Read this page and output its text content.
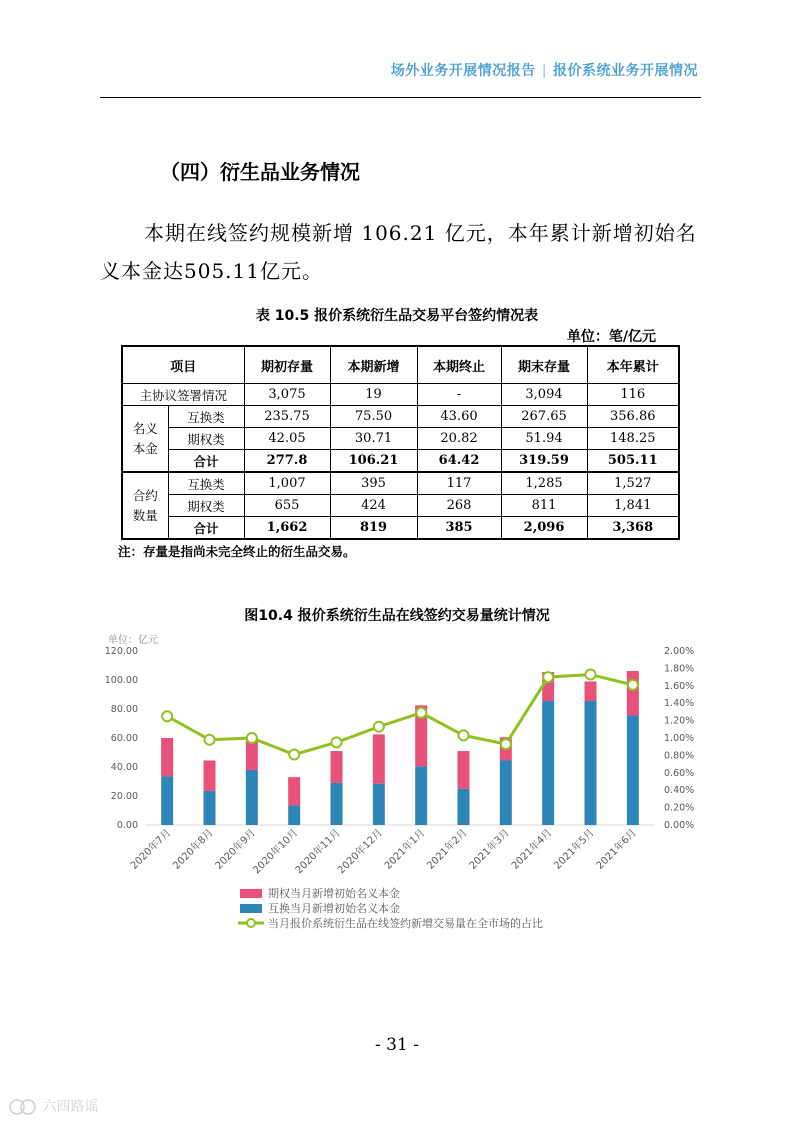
场外业务开展情况报告 | 报价系统业务开展情况
（四）衍生品业务情况
本期在线签约规模新增 106.21 亿元，本年累计新增初始名义本金达505.11亿元。
表 10.5 报价系统衍生品交易平台签约情况表
单位：笔/亿元
项目		期初存量	本期新增	本期终止	期末存量	本年累计
主协议签署情况		3,075	19	-	3,094	116
名义本金	互换类	235.75	75.50	43.60	267.65	356.86
	期权类	42.05	30.71	20.82	51.94	148.25
	合计	277.8	106.21	64.42	319.59	505.11
合约数量	互换类	1,007	395	117	1,285	1,527
	期权类	655	424	268	811	1,841
	合计	1,662	819	385	2,096	3,368
注：存量是指尚未完全终止的衍生品交易。
图10.4 报价系统衍生品在线签约交易量统计情况
单位：亿元
0.00
20.00
40.00
60.00
80.00
100.00
120.00
0.00%
0.20%
0.40%
0.60%
0.80%
1.00%
1.20%
1.40%
1.60%
1.80%
2.00%
2020年7月
2020年8月
2020年9月
2020年10月
2020年11月
2020年12月
2021年1月
2021年2月
2021年3月
2021年4月
2021年5月
2021年6月
期权当月新增初始名义本金
互换当月新增初始名义本金
当月报价系统衍生品在线签约新增交易量在全市场的占比
- 31 -
六四路谣
